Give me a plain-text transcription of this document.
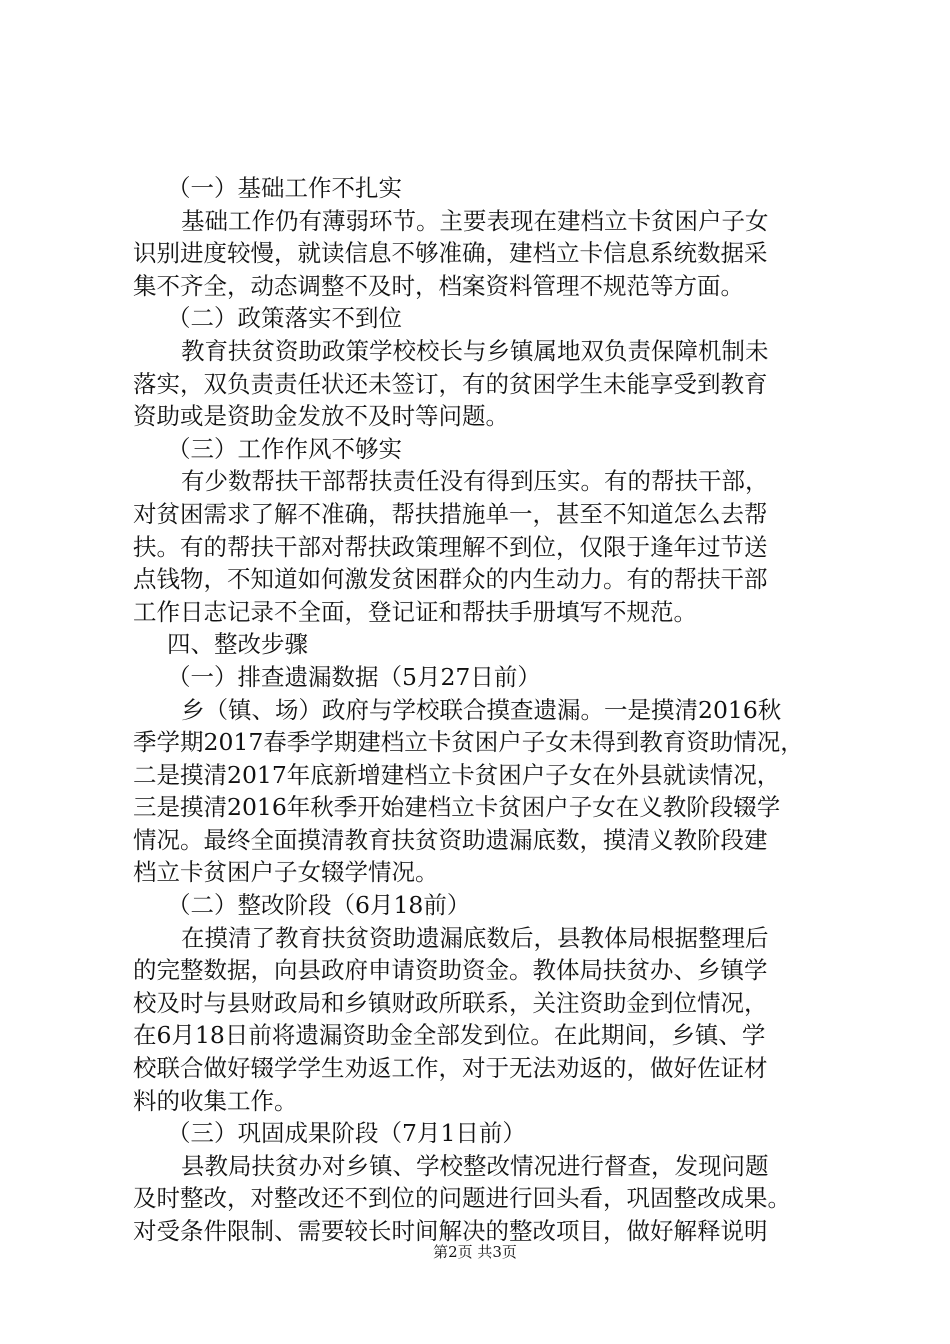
（一）基础工作不扎实
基础工作仍有薄弱环节。主要表现在建档立卡贫困户子女
识别进度较慢，就读信息不够准确，建档立卡信息系统数据采
集不齐全，动态调整不及时，档案资料管理不规范等方面。
（二）政策落实不到位
教育扶贫资助政策学校校长与乡镇属地双负责保障机制未
落实，双负责责任状还未签订，有的贫困学生未能享受到教育
资助或是资助金发放不及时等问题。
（三）工作作风不够实
有少数帮扶干部帮扶责任没有得到压实。有的帮扶干部，
对贫困需求了解不准确，帮扶措施单一，甚至不知道怎么去帮
扶。有的帮扶干部对帮扶政策理解不到位，仅限于逢年过节送
点钱物，不知道如何激发贫困群众的内生动力。有的帮扶干部
工作日志记录不全面，登记证和帮扶手册填写不规范。
四、整改步骤
（一）排查遗漏数据（5月27日前）
乡（镇、场）政府与学校联合摸查遗漏。一是摸清2016秋
季学期2017春季学期建档立卡贫困户子女未得到教育资助情况，
二是摸清2017年底新增建档立卡贫困户子女在外县就读情况，
三是摸清2016年秋季开始建档立卡贫困户子女在义教阶段辍学
情况。最终全面摸清教育扶贫资助遗漏底数，摸清义教阶段建
档立卡贫困户子女辍学情况。
（二）整改阶段（6月18前）
在摸清了教育扶贫资助遗漏底数后，县教体局根据整理后
的完整数据，向县政府申请资助资金。教体局扶贫办、乡镇学
校及时与县财政局和乡镇财政所联系，关注资助金到位情况，
在6月18日前将遗漏资助金全部发到位。在此期间，乡镇、学
校联合做好辍学学生劝返工作，对于无法劝返的，做好佐证材
料的收集工作。
（三）巩固成果阶段（7月1日前）
县教局扶贫办对乡镇、学校整改情况进行督查，发现问题
及时整改，对整改还不到位的问题进行回头看，巩固整改成果。
对受条件限制、需要较长时间解决的整改项目，做好解释说明
第2页 共3页
